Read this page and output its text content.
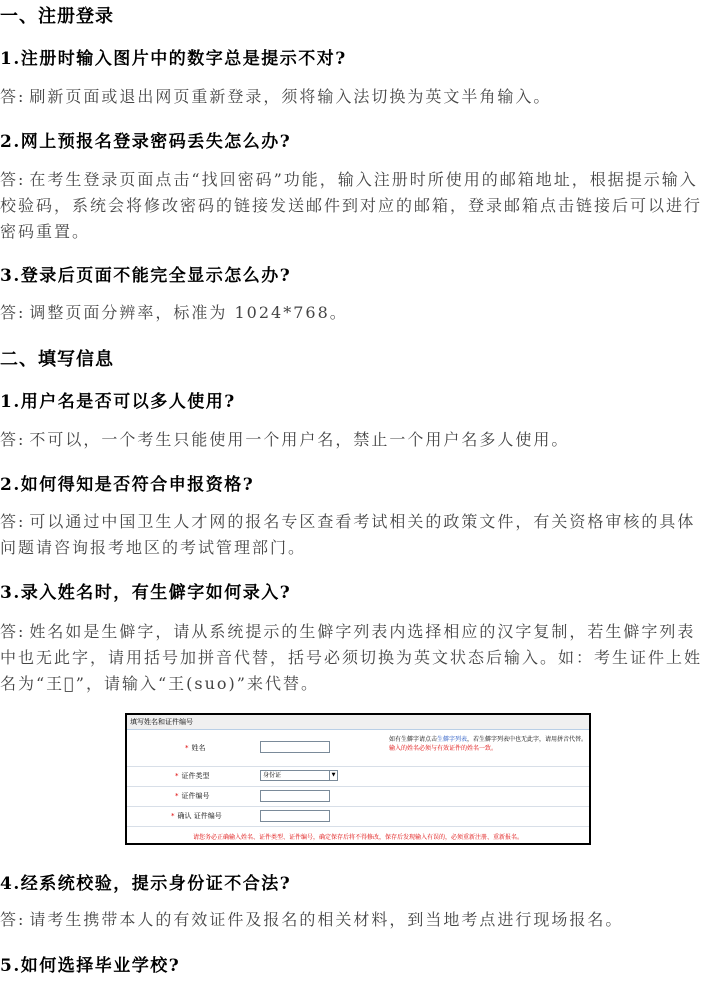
一、注册登录
1.注册时输入图片中的数字总是提示不对?
答: 刷新页面或退出网页重新登录，须将输入法切换为英文半角输入。
2.网上预报名登录密码丢失怎么办?
答: 在考生登录页面点击“找回密码”功能，输入注册时所使用的邮箱地址，根据提示输入校验码，系统会将修改密码的链接发送邮件到对应的邮箱，登录邮箱点击链接后可以进行密码重置。
3.登录后页面不能完全显示怎么办?
答: 调整页面分辨率，标准为 1024*768。
二、填写信息
1.用户名是否可以多人使用?
答: 不可以，一个考生只能使用一个用户名，禁止一个用户名多人使用。
2.如何得知是否符合申报资格?
答: 可以通过中国卫生人才网的报名专区查看考试相关的政策文件，有关资格审核的具体问题请咨询报考地区的考试管理部门。
3.录入姓名时，有生僻字如何录入?
答: 姓名如是生僻字，请从系统提示的生僻字列表内选择相应的汉字复制，若生僻字列表中也无此字，请用括号加拼音代替，括号必须切换为英文状态后输入。如：考生证件上姓名为“王𫜴”，请输入“王(suo)”来代替。
填写姓名和证件编号
* 姓名
如有生僻字请点击生僻字列表，若生僻字列表中也无此字，请用拼音代替。
输入的姓名必须与有效证件的姓名一致。
* 证件类型	身份证	▼
* 证件编号
* 确认 证件编号
请您务必正确输入姓名、证件类型、证件编号，确定保存后将不得修改，保存后发现输入有误的，必须重新注册、重新报名。
4.经系统校验，提示身份证不合法?
答: 请考生携带本人的有效证件及报名的相关材料，到当地考点进行现场报名。
5.如何选择毕业学校?
